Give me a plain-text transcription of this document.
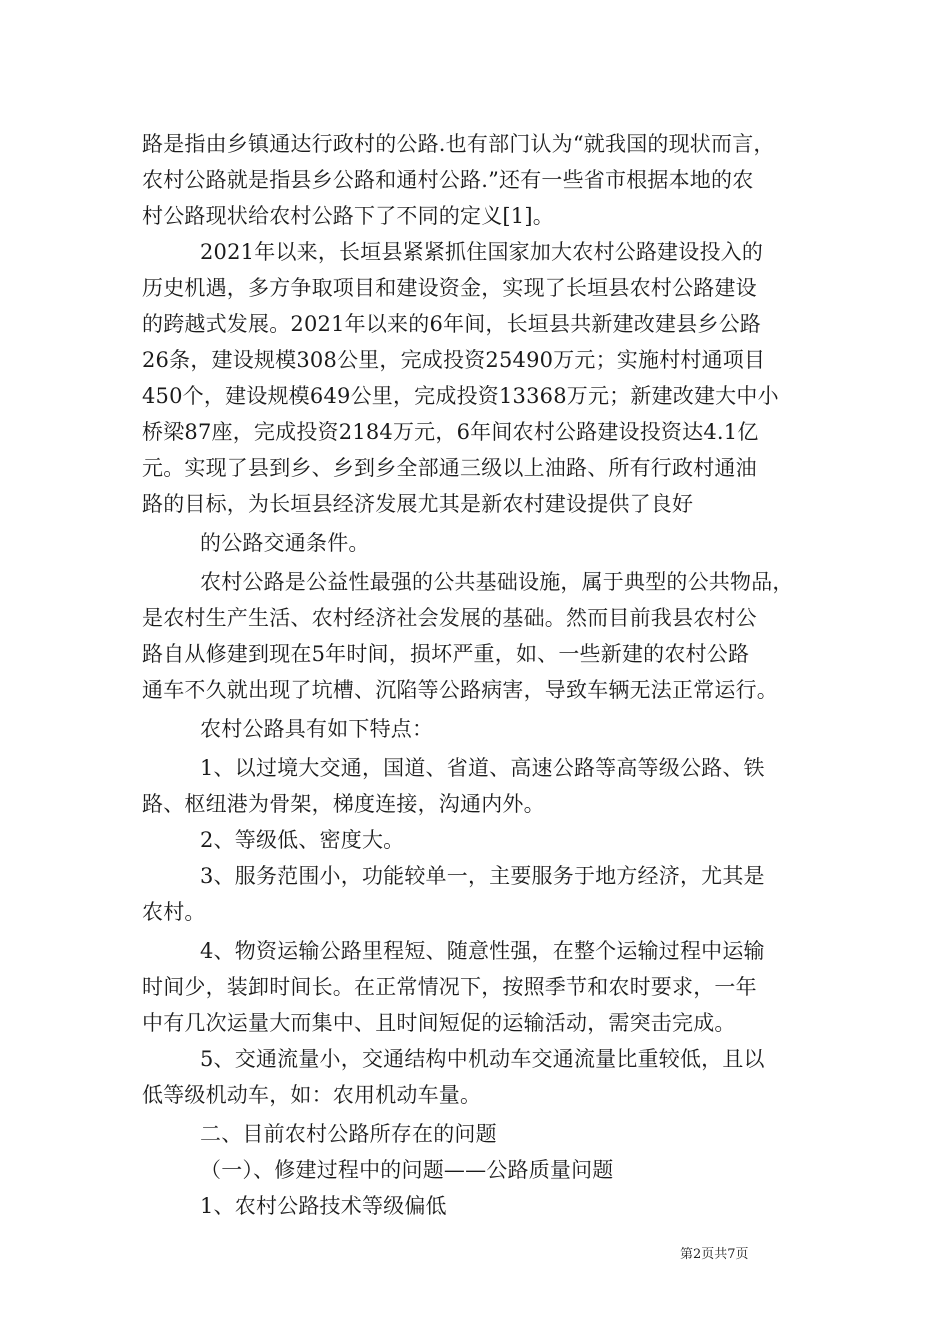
路是指由乡镇通达行政村的公路.也有部门认为“就我国的现状而言，
农村公路就是指县乡公路和通村公路.”还有一些省市根据本地的农
村公路现状给农村公路下了不同的定义[1]。
2021年以来，长垣县紧紧抓住国家加大农村公路建设投入的
历史机遇，多方争取项目和建设资金，实现了长垣县农村公路建设
的跨越式发展。2021年以来的6年间，长垣县共新建改建县乡公路
26条，建设规模308公里，完成投资25490万元；实施村村通项目
450个，建设规模649公里，完成投资13368万元；新建改建大中小
桥梁87座，完成投资2184万元，6年间农村公路建设投资达4.1亿
元。实现了县到乡、乡到乡全部通三级以上油路、所有行政村通油
路的目标，为长垣县经济发展尤其是新农村建设提供了良好
的公路交通条件。
农村公路是公益性最强的公共基础设施，属于典型的公共物品，
是农村生产生活、农村经济社会发展的基础。然而目前我县农村公
路自从修建到现在5年时间，损坏严重，如、一些新建的农村公路
通车不久就出现了坑槽、沉陷等公路病害，导致车辆无法正常运行。
农村公路具有如下特点：
1、以过境大交通，国道、省道、高速公路等高等级公路、铁
路、枢纽港为骨架，梯度连接，沟通内外。
2、等级低、密度大。
3、服务范围小，功能较单一，主要服务于地方经济，尤其是
农村。
4、物资运输公路里程短、随意性强，在整个运输过程中运输
时间少，装卸时间长。在正常情况下，按照季节和农时要求，一年
中有几次运量大而集中、且时间短促的运输活动，需突击完成。
5、交通流量小，交通结构中机动车交通流量比重较低，且以
低等级机动车，如：农用机动车量。
二、目前农村公路所存在的问题
（一）、修建过程中的问题——公路质量问题
1、农村公路技术等级偏低
第2页共7页
